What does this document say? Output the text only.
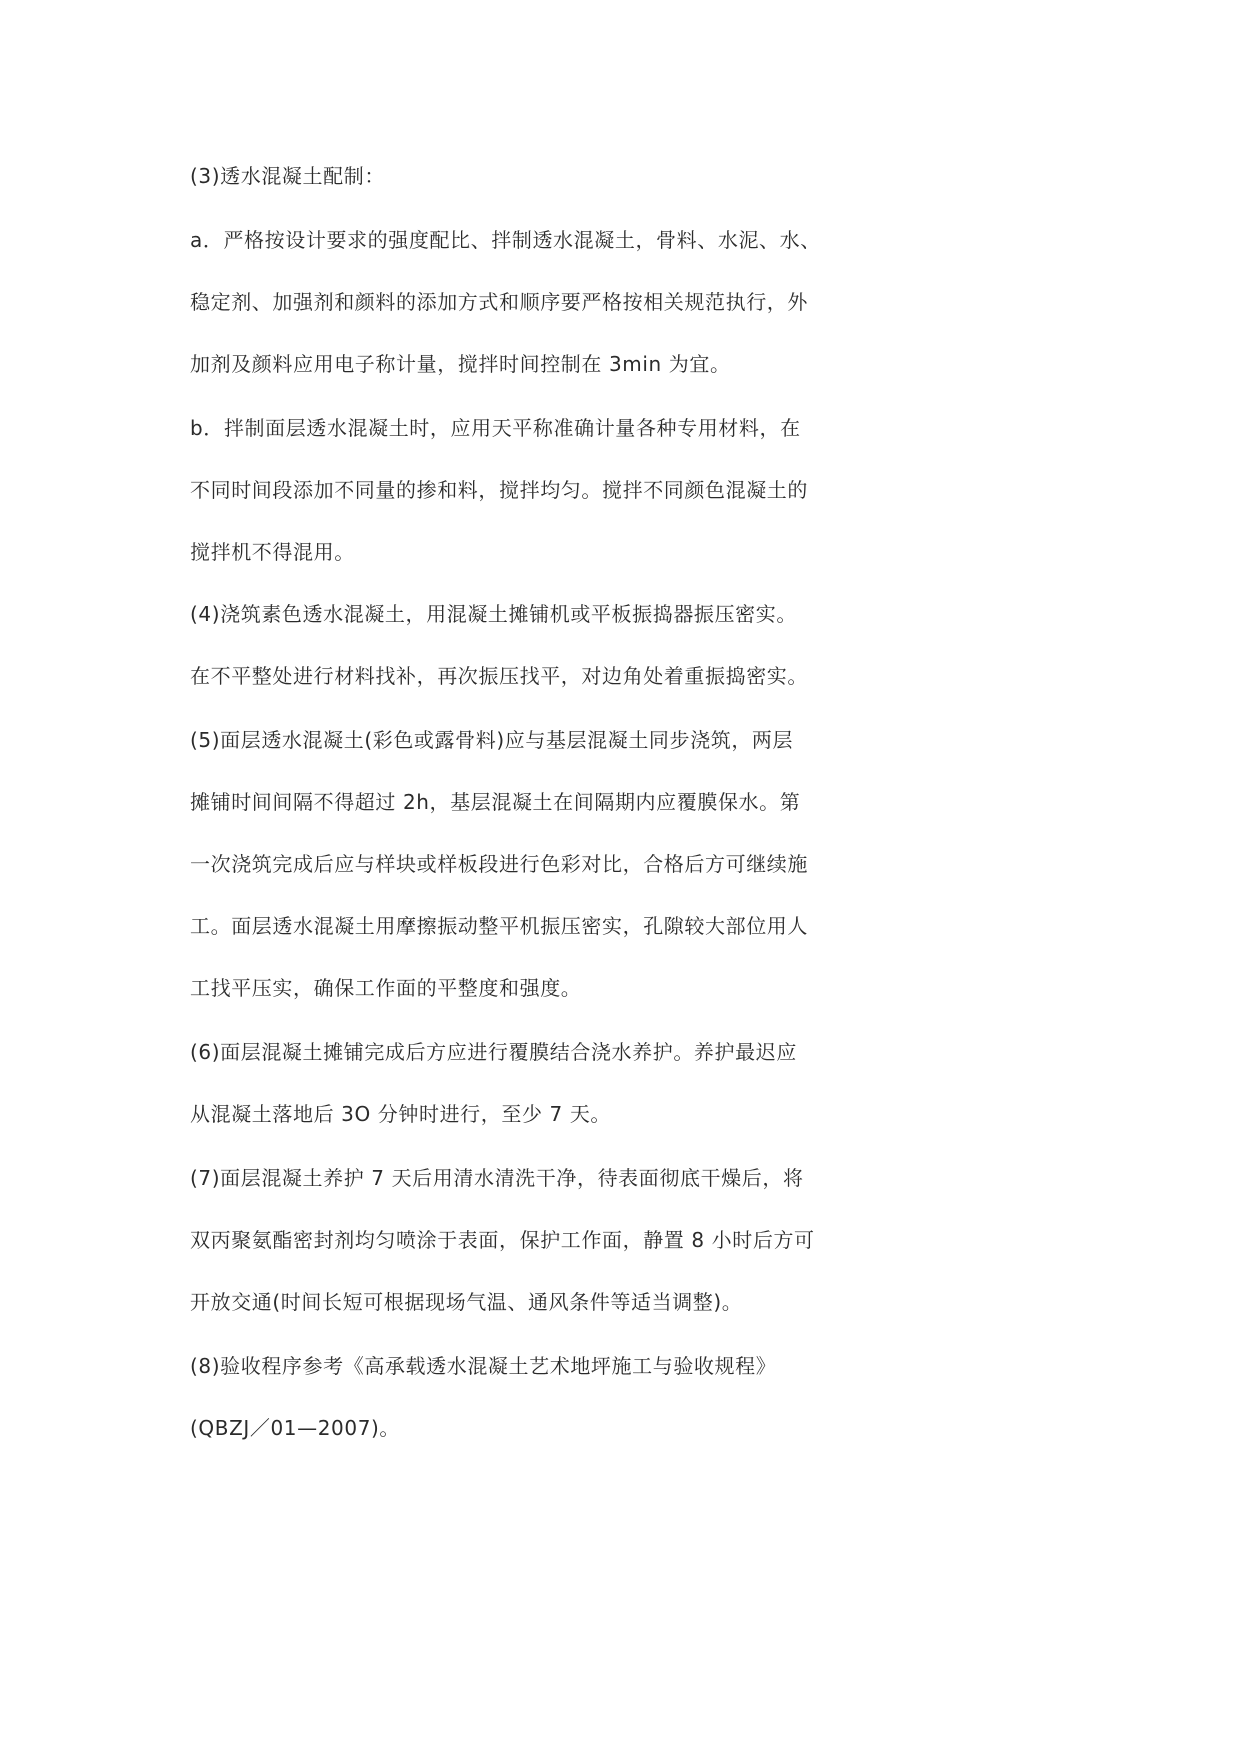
(3)透水混凝土配制：
a．严格按设计要求的强度配比、拌制透水混凝土，骨料、水泥、水、
稳定剂、加强剂和颜料的添加方式和顺序要严格按相关规范执行，外
加剂及颜料应用电子称计量，搅拌时间控制在 3min 为宜。
b．拌制面层透水混凝土时，应用天平称准确计量各种专用材料，在
不同时间段添加不同量的掺和料，搅拌均匀。搅拌不同颜色混凝土的
搅拌机不得混用。
(4)浇筑素色透水混凝土，用混凝土摊铺机或平板振捣器振压密实。
在不平整处进行材料找补，再次振压找平，对边角处着重振捣密实。
(5)面层透水混凝土(彩色或露骨料)应与基层混凝土同步浇筑，两层
摊铺时间间隔不得超过 2h，基层混凝土在间隔期内应覆膜保水。第
一次浇筑完成后应与样块或样板段进行色彩对比，合格后方可继续施
工。面层透水混凝土用摩擦振动整平机振压密实，孔隙较大部位用人
工找平压实，确保工作面的平整度和强度。
(6)面层混凝土摊铺完成后方应进行覆膜结合浇水养护。养护最迟应
从混凝土落地后 3O 分钟时进行，至少 7 天。
(7)面层混凝土养护 7 天后用清水清洗干净，待表面彻底干燥后，将
双丙聚氨酯密封剂均匀喷涂于表面，保护工作面，静置 8 小时后方可
开放交通(时间长短可根据现场气温、通风条件等适当调整)。
(8)验收程序参考《高承载透水混凝土艺术地坪施工与验收规程》
(QBZJ／01—2007)。
